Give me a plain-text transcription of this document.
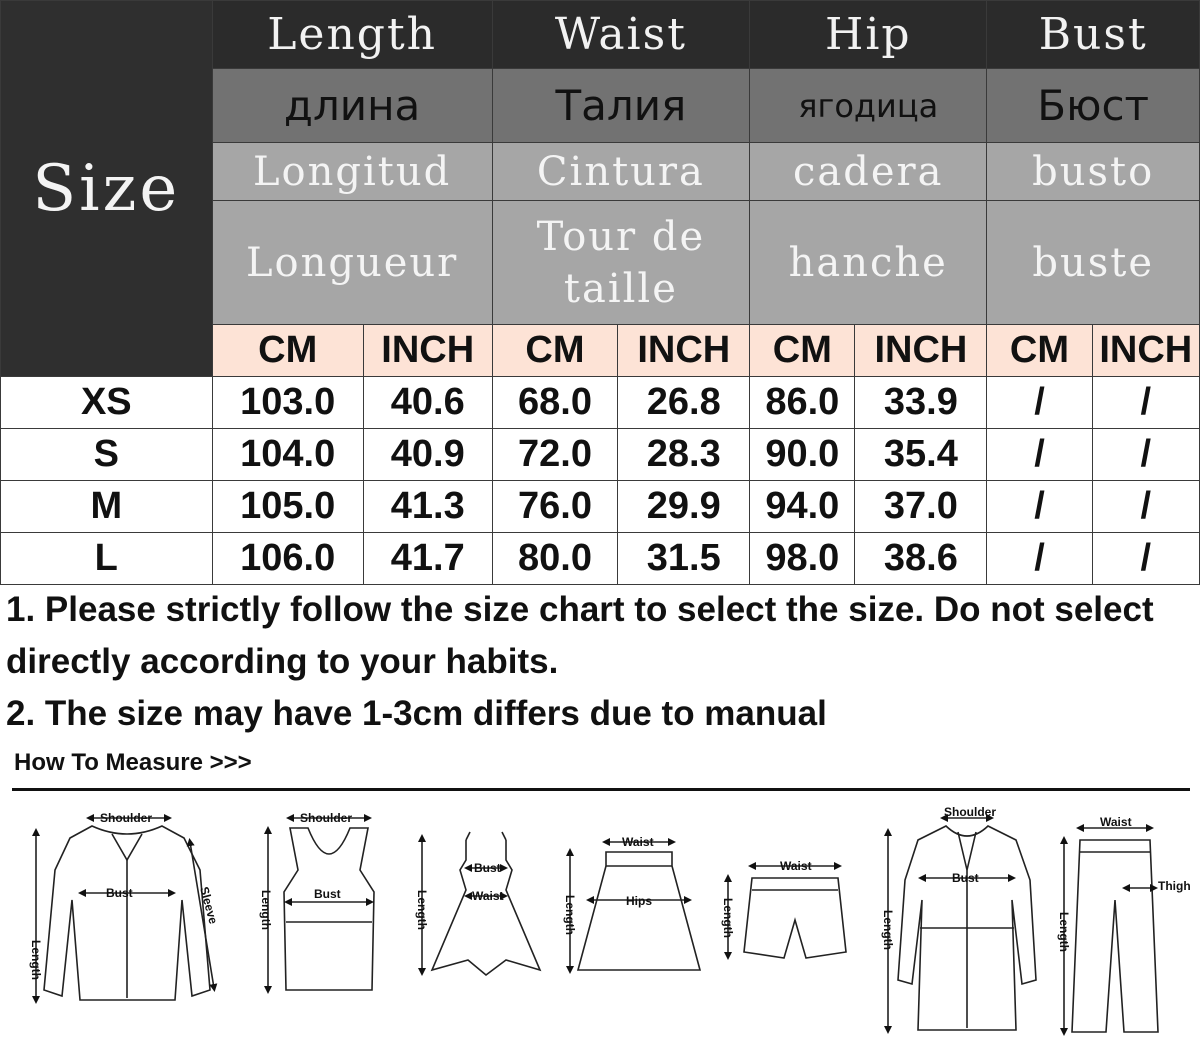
Size	Length		Waist		Hip		Bust	
	длина		Талия		ягодица		Бюст	
	Longitud		Cintura		cadera		busto	
	Longueur		Tour de taille		hanche		buste	
	CM	INCH	CM	INCH	CM	INCH	CM	INCH
XS	103.0	40.6	68.0	26.8	86.0	33.9	/	/
S	104.0	40.9	72.0	28.3	90.0	35.4	/	/
M	105.0	41.3	76.0	29.9	94.0	37.0	/	/
L	106.0	41.7	80.0	31.5	98.0	38.6	/	/

1. Please strictly follow the size chart to select the size. Do not select directly according to your habits.

2. The size may have 1-3cm differs due to manual

How To Measure >>>
Shoulder
Bust
Length
Sleeve
Shoulder
Bust
Length
Bust
Waist
Length
Waist
Hips
Length
Waist
Length
Shoulder
Bust
Length
Waist
Thigh
Length
